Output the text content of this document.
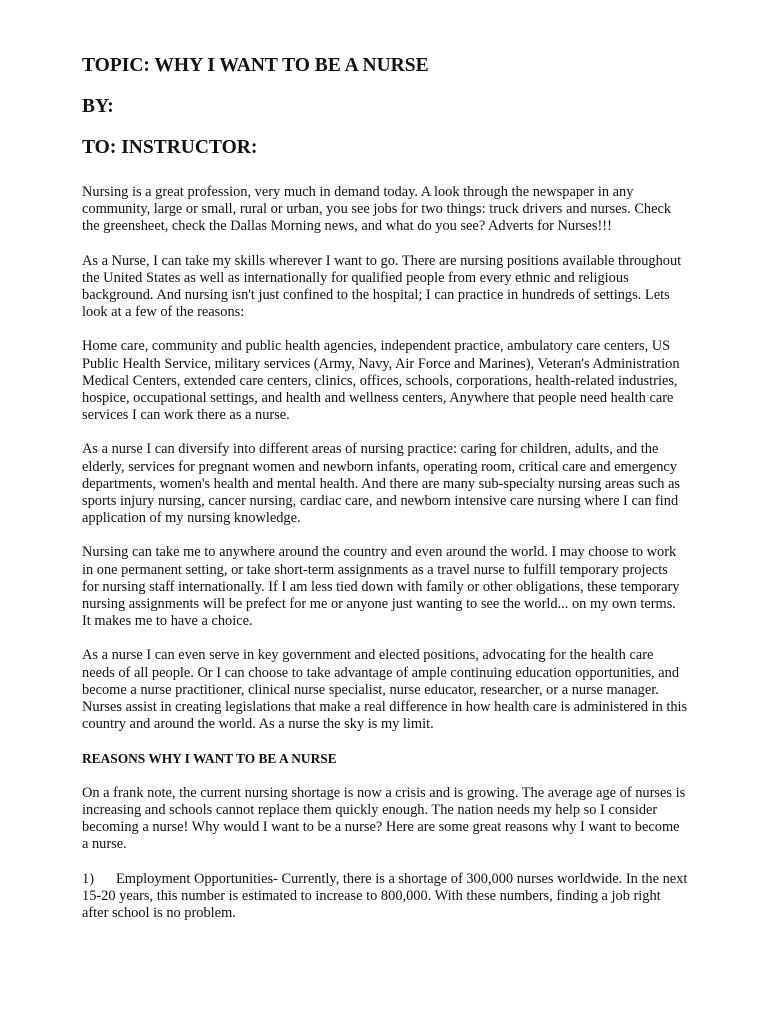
TOPIC: WHY I WANT TO BE A NURSE
BY:
TO: INSTRUCTOR:

Nursing is a great profession, very much in demand today. A look through the newspaper in any community, large or small, rural or urban, you see jobs for two things: truck drivers and nurses. Check the greensheet, check the Dallas Morning news, and what do you see? Adverts for Nurses!!!

As a Nurse, I can take my skills wherever I want to go. There are nursing positions available throughout the United States as well as internationally for qualified people from every ethnic and religious background. And nursing isn't just confined to the hospital; I can practice in hundreds of settings. Lets look at a few of the reasons:

Home care, community and public health agencies, independent practice, ambulatory care centers, US Public Health Service, military services (Army, Navy, Air Force and Marines), Veteran's Administration Medical Centers, extended care centers, clinics, offices, schools, corporations, health-related industries, hospice, occupational settings, and health and wellness centers, Anywhere that people need health care services I can work there as a nurse.

As a nurse I can diversify into different areas of nursing practice: caring for children, adults, and the elderly, services for pregnant women and newborn infants, operating room, critical care and emergency departments, women's health and mental health. And there are many sub-specialty nursing areas such as sports injury nursing, cancer nursing, cardiac care, and newborn intensive care nursing where I can find application of my nursing knowledge.

Nursing can take me to anywhere around the country and even around the world. I may choose to work in one permanent setting, or take short-term assignments as a travel nurse to fulfill temporary projects for nursing staff internationally. If I am less tied down with family or other obligations, these temporary nursing assignments will be prefect for me or anyone just wanting to see the world... on my own terms. It makes me to have a choice.

As a nurse I can even serve in key government and elected positions, advocating for the health care needs of all people. Or I can choose to take advantage of ample continuing education opportunities, and become a nurse practitioner, clinical nurse specialist, nurse educator, researcher, or a nurse manager. Nurses assist in creating legislations that make a real difference in how health care is administered in this country and around the world. As a nurse the sky is my limit.

REASONS WHY I WANT TO BE A NURSE

On a frank note, the current nursing shortage is now a crisis and is growing. The average age of nurses is increasing and schools cannot replace them quickly enough. The nation needs my help so I consider becoming a nurse! Why would I want to be a nurse? Here are some great reasons why I want to become a nurse.

1) Employment Opportunities- Currently, there is a shortage of 300,000 nurses worldwide. In the next 15-20 years, this number is estimated to increase to 800,000. With these numbers, finding a job right after school is no problem.
